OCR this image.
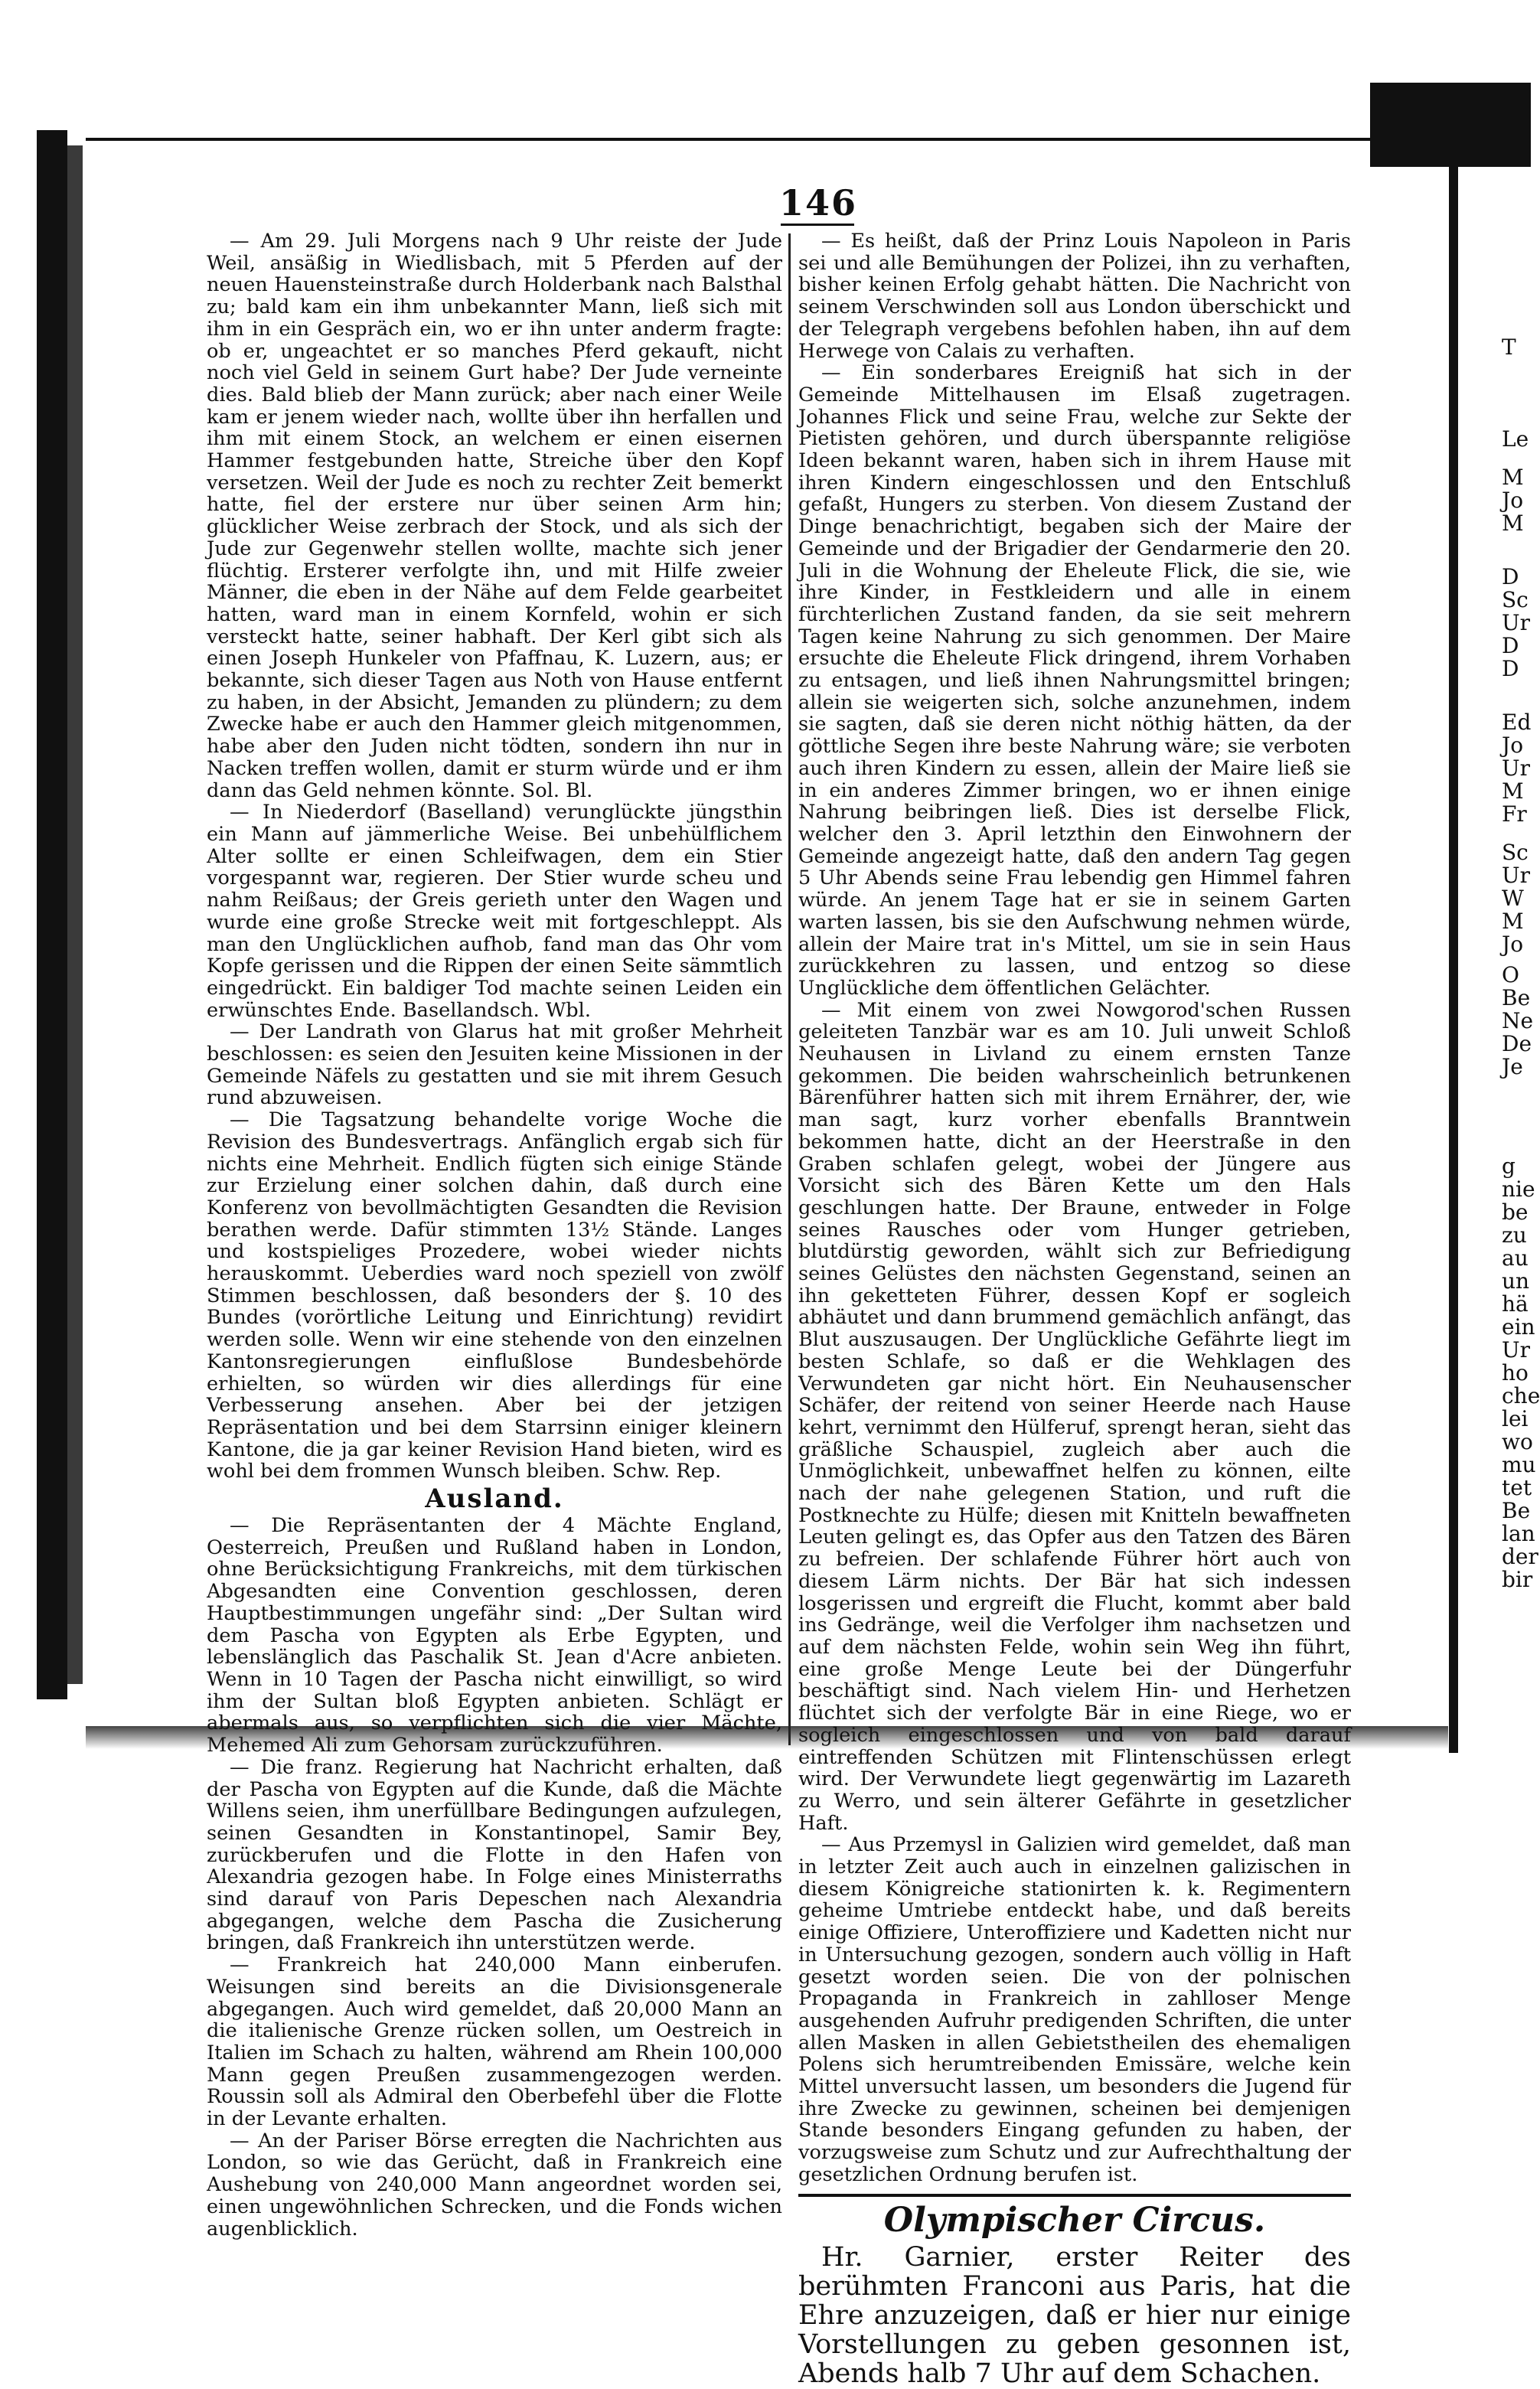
T
Le
M
Jo
M
D
Sc
Ur
D
D
Ed
Jo
Ur
M
Fr
Sc
Ur
W
M
Jo
O
Be
Ne
De
Je
g
nie
be
zu
au
un
hä
ein
Ur
ho
che
lei
wo
mu
tet
Be
lan
der
bir
146

— Am 29. Juli Morgens nach 9 Uhr reiste der Jude Weil, ansäßig in Wiedlisbach, mit 5 Pferden auf der neuen Hauensteinstraße durch Holderbank nach Balsthal zu; bald kam ein ihm unbekannter Mann, ließ sich mit ihm in ein Gespräch ein, wo er ihn unter anderm fragte: ob er, ungeachtet er so manches Pferd gekauft, nicht noch viel Geld in seinem Gurt habe? Der Jude verneinte dies. Bald blieb der Mann zurück; aber nach einer Weile kam er jenem wieder nach, wollte über ihn herfallen und ihm mit einem Stock, an welchem er einen eisernen Hammer festgebunden hatte, Streiche über den Kopf versetzen. Weil der Jude es noch zu rechter Zeit bemerkt hatte, fiel der erstere nur über seinen Arm hin; glücklicher Weise zerbrach der Stock, und als sich der Jude zur Gegenwehr stellen wollte, machte sich jener flüchtig. Ersterer verfolgte ihn, und mit Hilfe zweier Männer, die eben in der Nähe auf dem Felde gearbeitet hatten, ward man in einem Kornfeld, wohin er sich versteckt hatte, seiner habhaft. Der Kerl gibt sich als einen Joseph Hunkeler von Pfaffnau, K. Luzern, aus; er bekannte, sich dieser Tagen aus Noth von Hause entfernt zu haben, in der Absicht, Jemanden zu plündern; zu dem Zwecke habe er auch den Hammer gleich mitgenommen, habe aber den Juden nicht tödten, sondern ihn nur in Nacken treffen wollen, damit er sturm würde und er ihm dann das Geld nehmen könnte. Sol. Bl.

— In Niederdorf (Baselland) verunglückte jüngsthin ein Mann auf jämmerliche Weise. Bei unbehülflichem Alter sollte er einen Schleifwagen, dem ein Stier vorgespannt war, regieren. Der Stier wurde scheu und nahm Reißaus; der Greis gerieth unter den Wagen und wurde eine große Strecke weit mit fortgeschleppt. Als man den Unglücklichen aufhob, fand man das Ohr vom Kopfe gerissen und die Rippen der einen Seite sämmtlich eingedrückt. Ein baldiger Tod machte seinen Leiden ein erwünschtes Ende. Basellandsch. Wbl.

— Der Landrath von Glarus hat mit großer Mehrheit beschlossen: es seien den Jesuiten keine Missionen in der Gemeinde Näfels zu gestatten und sie mit ihrem Gesuch rund abzuweisen.

— Die Tagsatzung behandelte vorige Woche die Revision des Bundesvertrags. Anfänglich ergab sich für nichts eine Mehrheit. Endlich fügten sich einige Stände zur Erzielung einer solchen dahin, daß durch eine Konferenz von bevollmächtigten Gesandten die Revision berathen werde. Dafür stimmten 13½ Stände. Langes und kostspieliges Prozedere, wobei wieder nichts herauskommt. Ueberdies ward noch speziell von zwölf Stimmen beschlossen, daß besonders der §. 10 des Bundes (vorörtliche Leitung und Einrichtung) revidirt werden solle. Wenn wir eine stehende von den einzelnen Kantonsregierungen einflußlose Bundesbehörde erhielten, so würden wir dies allerdings für eine Verbesserung ansehen. Aber bei der jetzigen Repräsentation und bei dem Starrsinn einiger kleinern Kantone, die ja gar keiner Revision Hand bieten, wird es wohl bei dem frommen Wunsch bleiben. Schw. Rep.

Ausland.

— Die Repräsentanten der 4 Mächte England, Oesterreich, Preußen und Rußland haben in London, ohne Berücksichtigung Frankreichs, mit dem türkischen Abgesandten eine Convention geschlossen, deren Hauptbestimmungen ungefähr sind: „Der Sultan wird dem Pascha von Egypten als Erbe Egypten, und lebenslänglich das Paschalik St. Jean d'Acre anbieten. Wenn in 10 Tagen der Pascha nicht einwilligt, so wird ihm der Sultan bloß Egypten anbieten. Schlägt er abermals aus, so verpflichten sich die vier Mächte, Mehemed Ali zum Gehorsam zurückzuführen.

— Die franz. Regierung hat Nachricht erhalten, daß der Pascha von Egypten auf die Kunde, daß die Mächte Willens seien, ihm unerfüllbare Bedingungen aufzulegen, seinen Gesandten in Konstantinopel, Samir Bey, zurückberufen und die Flotte in den Hafen von Alexandria gezogen habe. In Folge eines Ministerraths sind darauf von Paris Depeschen nach Alexandria abgegangen, welche dem Pascha die Zusicherung bringen, daß Frankreich ihn unterstützen werde.

— Frankreich hat 240,000 Mann einberufen. Weisungen sind bereits an die Divisionsgenerale abgegangen. Auch wird gemeldet, daß 20,000 Mann an die italienische Grenze rücken sollen, um Oestreich in Italien im Schach zu halten, während am Rhein 100,000 Mann gegen Preußen zusammengezogen werden. Roussin soll als Admiral den Oberbefehl über die Flotte in der Levante erhalten.

— An der Pariser Börse erregten die Nachrichten aus London, so wie das Gerücht, daß in Frankreich eine Aushebung von 240,000 Mann angeordnet worden sei, einen ungewöhnlichen Schrecken, und die Fonds wichen augenblicklich.

— Es heißt, daß der Prinz Louis Napoleon in Paris sei und alle Bemühungen der Polizei, ihn zu verhaften, bisher keinen Erfolg gehabt hätten. Die Nachricht von seinem Verschwinden soll aus London überschickt und der Telegraph vergebens befohlen haben, ihn auf dem Herwege von Calais zu verhaften.

— Ein sonderbares Ereigniß hat sich in der Gemeinde Mittelhausen im Elsaß zugetragen. Johannes Flick und seine Frau, welche zur Sekte der Pietisten gehören, und durch überspannte religiöse Ideen bekannt waren, haben sich in ihrem Hause mit ihren Kindern eingeschlossen und den Entschluß gefaßt, Hungers zu sterben. Von diesem Zustand der Dinge benachrichtigt, begaben sich der Maire der Gemeinde und der Brigadier der Gendarmerie den 20. Juli in die Wohnung der Eheleute Flick, die sie, wie ihre Kinder, in Festkleidern und alle in einem fürchterlichen Zustand fanden, da sie seit mehrern Tagen keine Nahrung zu sich genommen. Der Maire ersuchte die Eheleute Flick dringend, ihrem Vorhaben zu entsagen, und ließ ihnen Nahrungsmittel bringen; allein sie weigerten sich, solche anzunehmen, indem sie sagten, daß sie deren nicht nöthig hätten, da der göttliche Segen ihre beste Nahrung wäre; sie verboten auch ihren Kindern zu essen, allein der Maire ließ sie in ein anderes Zimmer bringen, wo er ihnen einige Nahrung beibringen ließ. Dies ist derselbe Flick, welcher den 3. April letzthin den Einwohnern der Gemeinde angezeigt hatte, daß den andern Tag gegen 5 Uhr Abends seine Frau lebendig gen Himmel fahren würde. An jenem Tage hat er sie in seinem Garten warten lassen, bis sie den Aufschwung nehmen würde, allein der Maire trat in's Mittel, um sie in sein Haus zurückkehren zu lassen, und entzog so diese Unglückliche dem öffentlichen Gelächter.

— Mit einem von zwei Nowgorod'schen Russen geleiteten Tanzbär war es am 10. Juli unweit Schloß Neuhausen in Livland zu einem ernsten Tanze gekommen. Die beiden wahrscheinlich betrunkenen Bärenführer hatten sich mit ihrem Ernährer, der, wie man sagt, kurz vorher ebenfalls Branntwein bekommen hatte, dicht an der Heerstraße in den Graben schlafen gelegt, wobei der Jüngere aus Vorsicht sich des Bären Kette um den Hals geschlungen hatte. Der Braune, entweder in Folge seines Rausches oder vom Hunger getrieben, blutdürstig geworden, wählt sich zur Befriedigung seines Gelüstes den nächsten Gegenstand, seinen an ihn geketteten Führer, dessen Kopf er sogleich abhäutet und dann brummend gemächlich anfängt, das Blut auszusaugen. Der Unglückliche Gefährte liegt im besten Schlafe, so daß er die Wehklagen des Verwundeten gar nicht hört. Ein Neuhausenscher Schäfer, der reitend von seiner Heerde nach Hause kehrt, vernimmt den Hülferuf, sprengt heran, sieht das gräßliche Schauspiel, zugleich aber auch die Unmöglichkeit, unbewaffnet helfen zu können, eilte nach der nahe gelegenen Station, und ruft die Postknechte zu Hülfe; diesen mit Knitteln bewaffneten Leuten gelingt es, das Opfer aus den Tatzen des Bären zu befreien. Der schlafende Führer hört auch von diesem Lärm nichts. Der Bär hat sich indessen losgerissen und ergreift die Flucht, kommt aber bald ins Gedränge, weil die Verfolger ihm nachsetzen und auf dem nächsten Felde, wohin sein Weg ihn führt, eine große Menge Leute bei der Düngerfuhr beschäftigt sind. Nach vielem Hin- und Herhetzen flüchtet sich der verfolgte Bär in eine Riege, wo er sogleich eingeschlossen und von bald darauf eintreffenden Schützen mit Flintenschüssen erlegt wird. Der Verwundete liegt gegenwärtig im Lazareth zu Werro, und sein älterer Gefährte in gesetzlicher Haft.

— Aus Przemysl in Galizien wird gemeldet, daß man in letzter Zeit auch auch in einzelnen galizischen in diesem Königreiche stationirten k. k. Regimentern geheime Umtriebe entdeckt habe, und daß bereits einige Offiziere, Unteroffiziere und Kadetten nicht nur in Untersuchung gezogen, sondern auch völlig in Haft gesetzt worden seien. Die von der polnischen Propaganda in Frankreich in zahlloser Menge ausgehenden Aufruhr predigenden Schriften, die unter allen Masken in allen Gebietstheilen des ehemaligen Polens sich herumtreibenden Emissäre, welche kein Mittel unversucht lassen, um besonders die Jugend für ihre Zwecke zu gewinnen, scheinen bei demjenigen Stande besonders Eingang gefunden zu haben, der vorzugsweise zum Schutz und zur Aufrechthaltung der gesetzlichen Ordnung berufen ist.

Olympischer Circus.

Hr. Garnier, erster Reiter des berühmten Franconi aus Paris, hat die Ehre anzuzeigen, daß er hier nur einige Vorstellungen zu geben gesonnen ist, Abends halb 7 Uhr auf dem Schachen.
